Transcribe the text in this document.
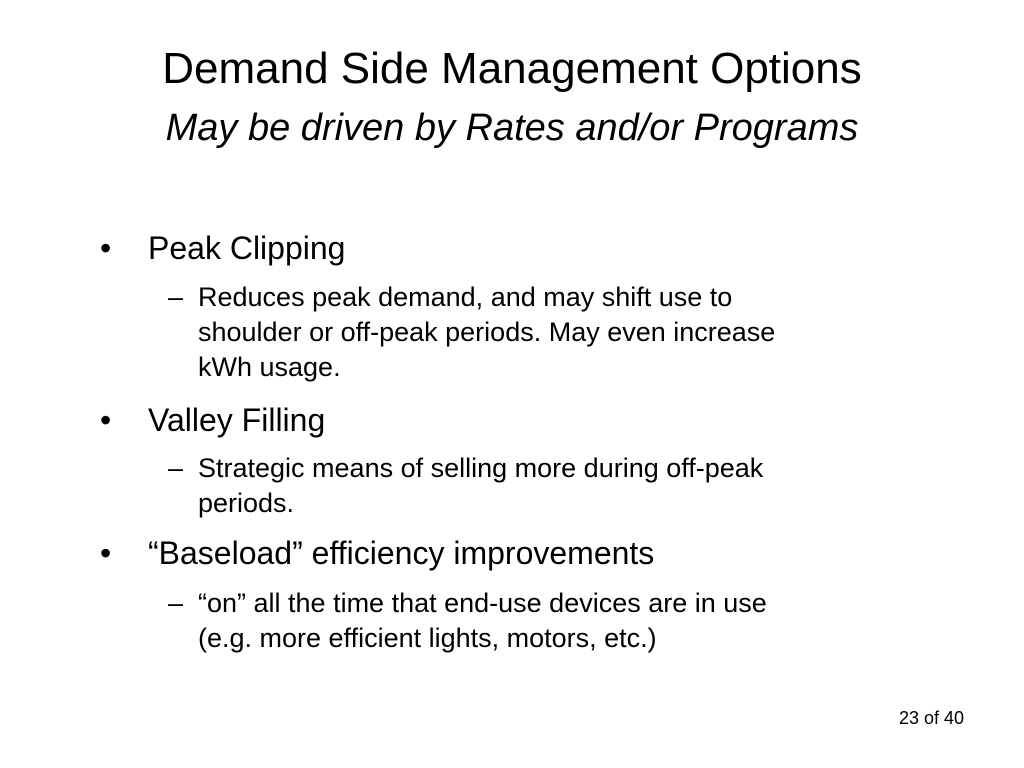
Demand Side Management Options
May be driven by Rates and/or Programs
• Peak Clipping
– Reduces peak demand, and may shift use to
shoulder or off-peak periods. May even increase
kWh usage.
• Valley Filling
– Strategic means of selling more during off-peak
periods.
• “Baseload” efficiency improvements
– “on” all the time that end-use devices are in use
(e.g. more efficient lights, motors, etc.)
23 of 40
